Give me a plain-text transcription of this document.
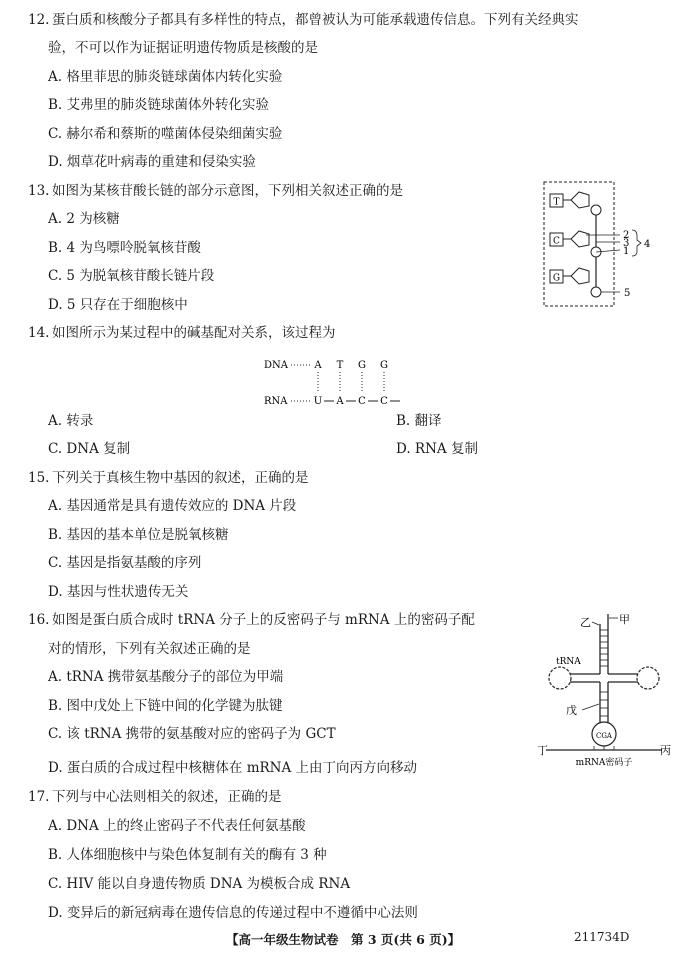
12. 蛋白质和核酸分子都具有多样性的特点，都曾被认为可能承载遗传信息。下列有关经典实
验，不可以作为证据证明遗传物质是核酸的是
A. 格里菲思的肺炎链球菌体内转化实验
B. 艾弗里的肺炎链球菌体外转化实验
C. 赫尔希和蔡斯的噬菌体侵染细菌实验
D. 烟草花叶病毒的重建和侵染实验
13. 如图为某核苷酸长链的部分示意图，下列相关叙述正确的是
A. 2 为核糖
B. 4 为鸟嘌呤脱氧核苷酸
C. 5 为脱氧核苷酸长链片段
D. 5 只存在于细胞核中
T
C
G
2
3
1
4
5
14. 如图所示为某过程中的碱基配对关系，该过程为
DNA	A T G G
RNA	U A C C
A. 转录	B. 翻译
C. DNA 复制	D. RNA 复制
15. 下列关于真核生物中基因的叙述，正确的是
A. 基因通常是具有遗传效应的 DNA 片段
B. 基因的基本单位是脱氧核糖
C. 基因是指氨基酸的序列
D. 基因与性状遗传无关
16. 如图是蛋白质合成时 tRNA 分子上的反密码子与 mRNA 上的密码子配
对的情形，下列有关叙述正确的是
A. tRNA 携带氨基酸分子的部位为甲端
B. 图中戊处上下链中间的化学键为肽键
C. 该 tRNA 携带的氨基酸对应的密码子为 GCT
D. 蛋白质的合成过程中核糖体在 mRNA 上由丁向丙方向移动
乙	甲
tRNA
CGA
戊
丁	丙
mRNA密码子
17. 下列与中心法则相关的叙述，正确的是
A. DNA 上的终止密码子不代表任何氨基酸
B. 人体细胞核中与染色体复制有关的酶有 3 种
C. HIV 能以自身遗传物质 DNA 为模板合成 RNA
D. 变异后的新冠病毒在遗传信息的传递过程中不遵循中心法则
【高一年级生物试卷　第 3 页(共 6 页)】	211734D
